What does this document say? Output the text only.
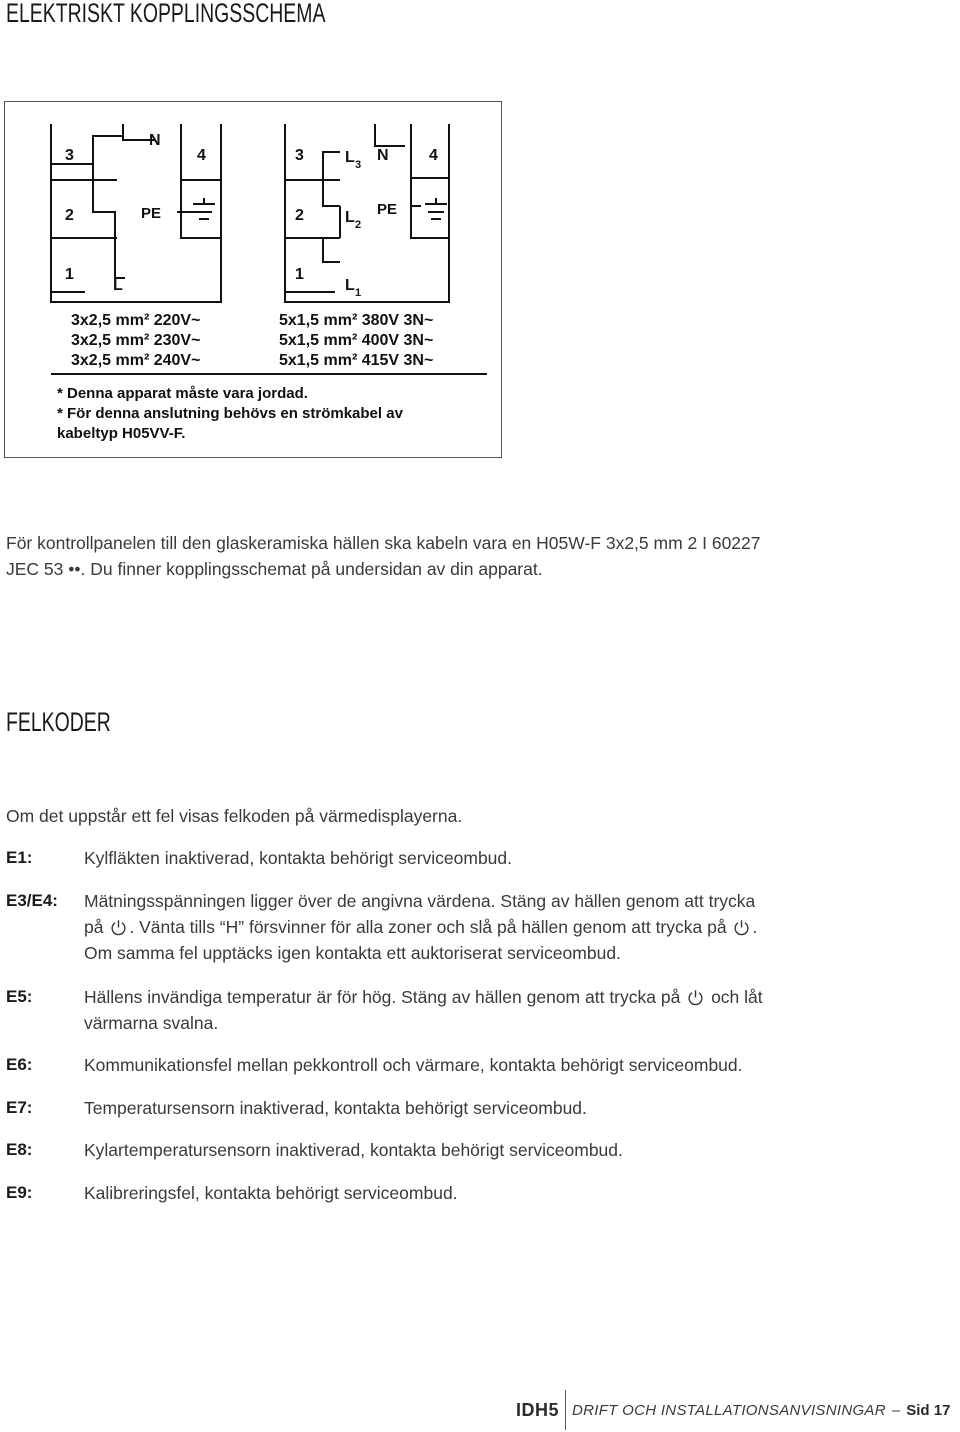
ELEKTRISKT KOPPLINGSSCHEMA
3
2
1
N
4
PE
L
3
2
1
L 3
L 2
L 1
N	4
PE
3x2,5 mm² 220V~
3x2,5 mm² 230V~
3x2,5 mm² 240V~
5x1,5 mm² 380V 3N~
5x1,5 mm² 400V 3N~
5x1,5 mm² 415V 3N~
* Denna apparat måste vara jordad.
* För denna anslutning behövs en strömkabel av
kabeltyp H05VV-F.
För kontrollpanelen till den glaskeramiska hällen ska kabeln vara en H05W-F 3x2,5 mm 2 I 60227
JEC 53 ••. Du finner kopplingsschemat på undersidan av din apparat.
FELKODER
Om det uppstår ett fel visas felkoden på värmedisplayerna.
E1:	Kylfläkten inaktiverad, kontakta behörigt serviceombud.
E3/E4: Mätningsspänningen ligger över de angivna värdena. Stäng av hällen genom att trycka
på . Vänta tills “H” försvinner för alla zoner och slå på hällen genom att trycka på .
Om samma fel upptäcks igen kontakta ett auktoriserat serviceombud.
E5:	Hällens invändiga temperatur är för hög. Stäng av hällen genom att trycka på och låt
värmarna svalna.
E6:	Kommunikationsfel mellan pekkontroll och värmare, kontakta behörigt serviceombud.
E7:	Temperatursensorn inaktiverad, kontakta behörigt serviceombud.
E8:	Kylartemperatursensorn inaktiverad, kontakta behörigt serviceombud.
E9:	Kalibreringsfel, kontakta behörigt serviceombud.
IDH5 DRIFT OCH INSTALLATIONSANVISNINGAR – Sid 17
